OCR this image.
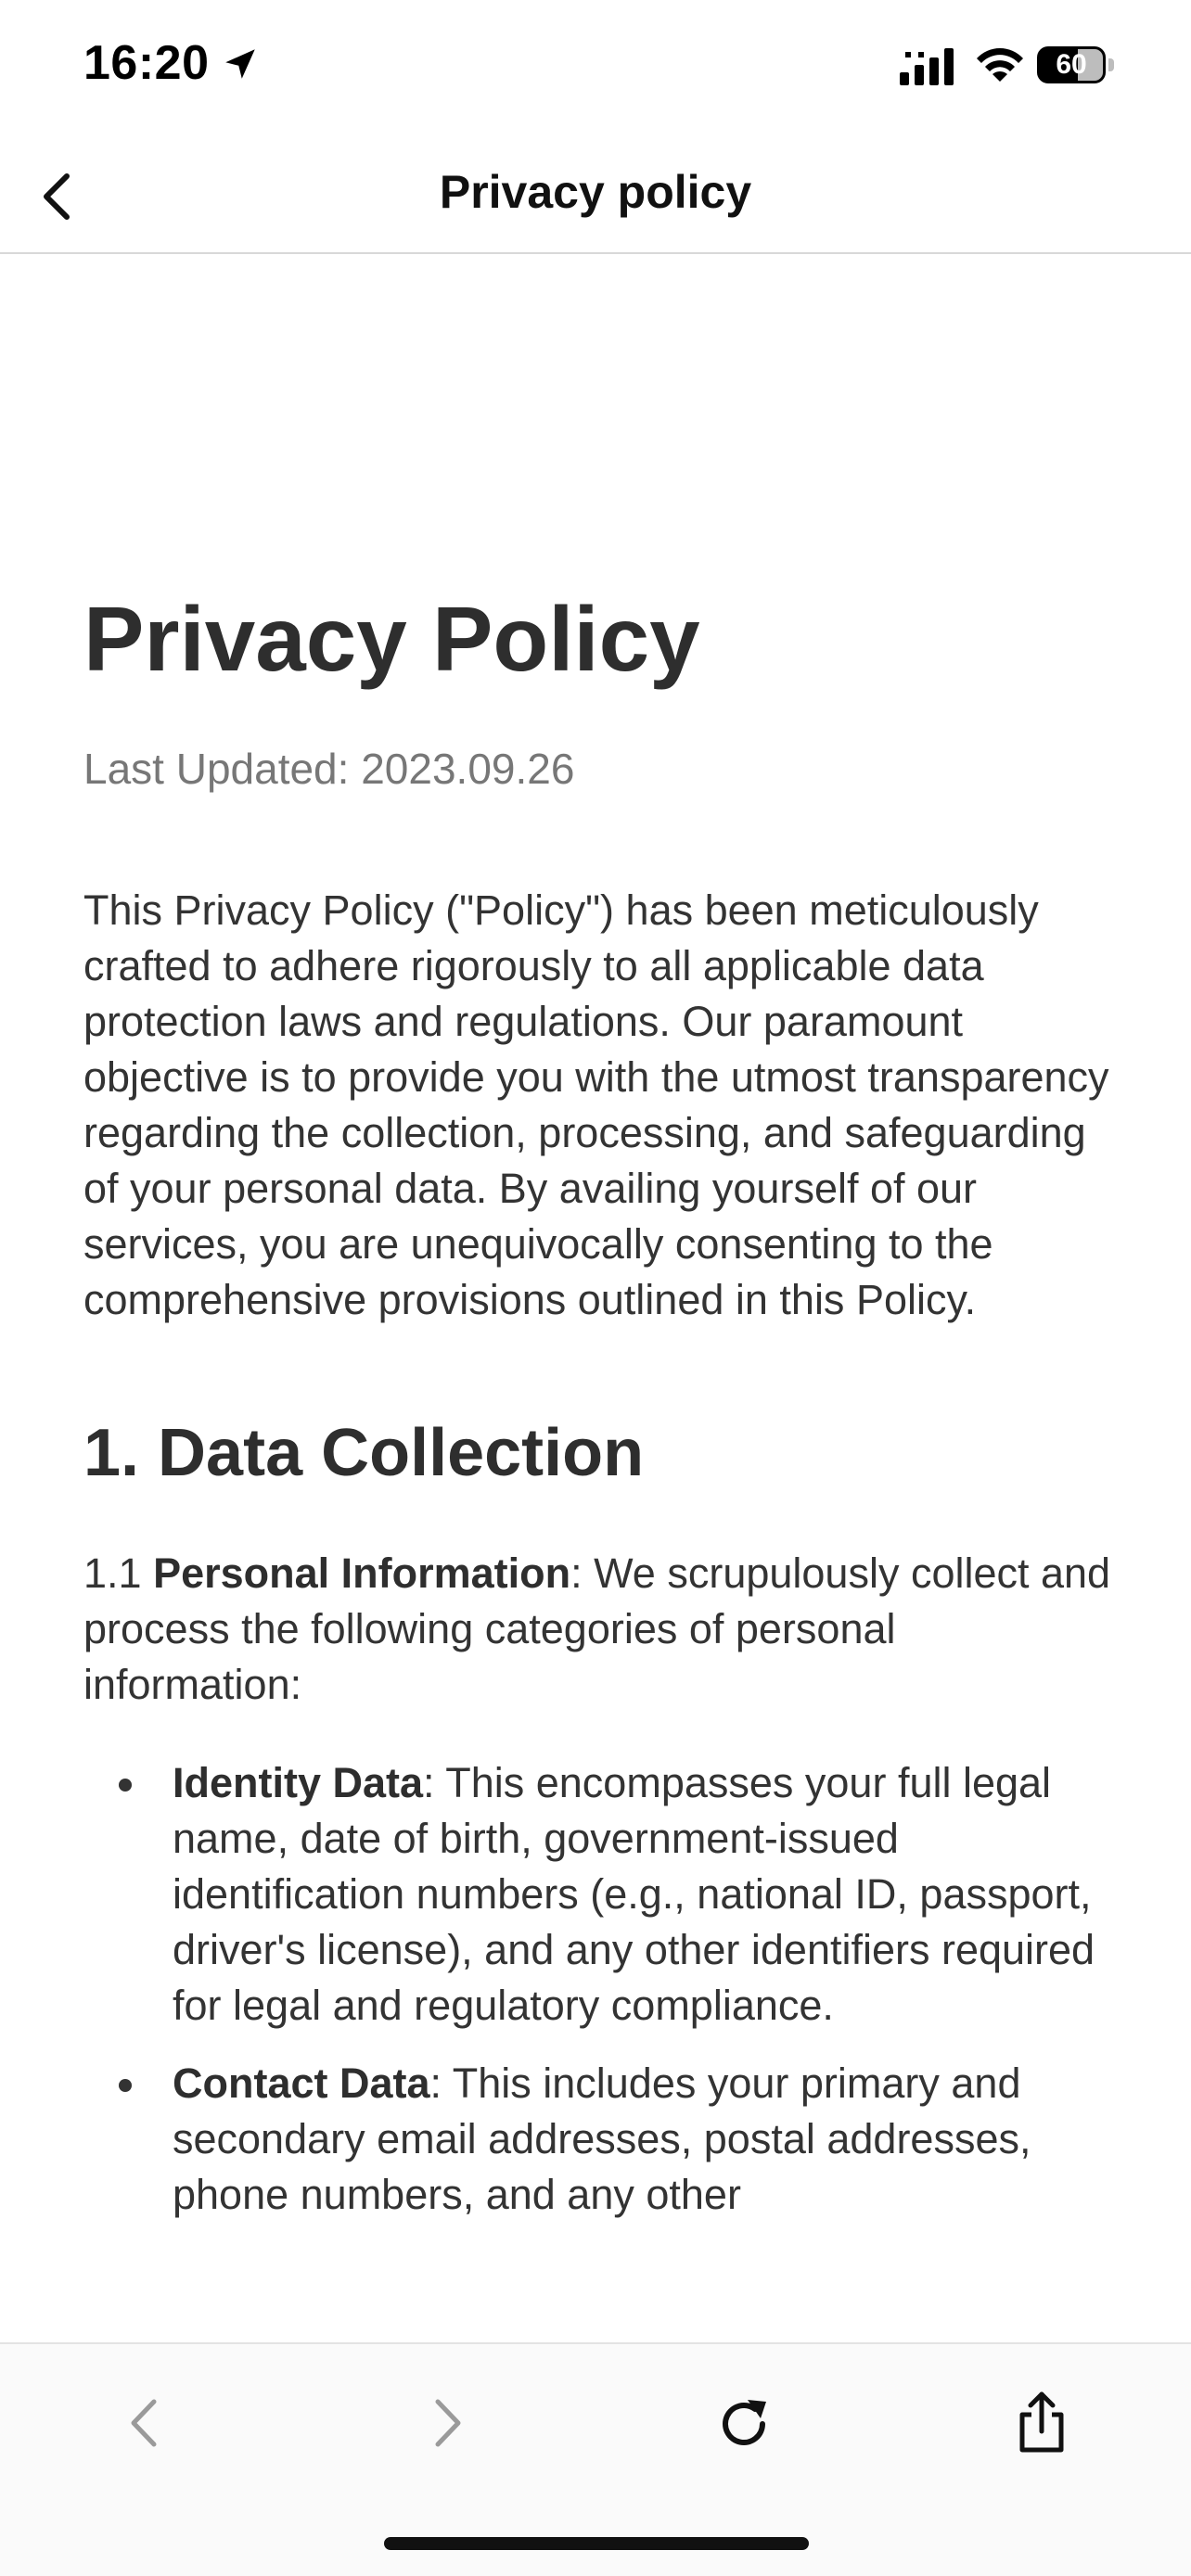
16:20	60
Privacy policy
Privacy Policy

Last Updated: 2023.09.26

This Privacy Policy ("Policy") has been meticulously crafted to adhere rigorously to all applicable data protection laws and regulations. Our paramount objective is to provide you with the utmost transparency regarding the collection, processing, and safeguarding of your personal data. By availing yourself of our services, you are unequivocally consenting to the comprehensive provisions outlined in this Policy.

1. Data Collection

1.1 Personal Information: We scrupulously collect and process the following categories of personal information:

Identity Data: This encompasses your full legal name, date of birth, government-issued identification numbers (e.g., national ID, passport, driver's license), and any other identifiers required for legal and regulatory compliance.
Contact Data: This includes your primary and secondary email addresses, postal addresses, phone numbers, and any other
